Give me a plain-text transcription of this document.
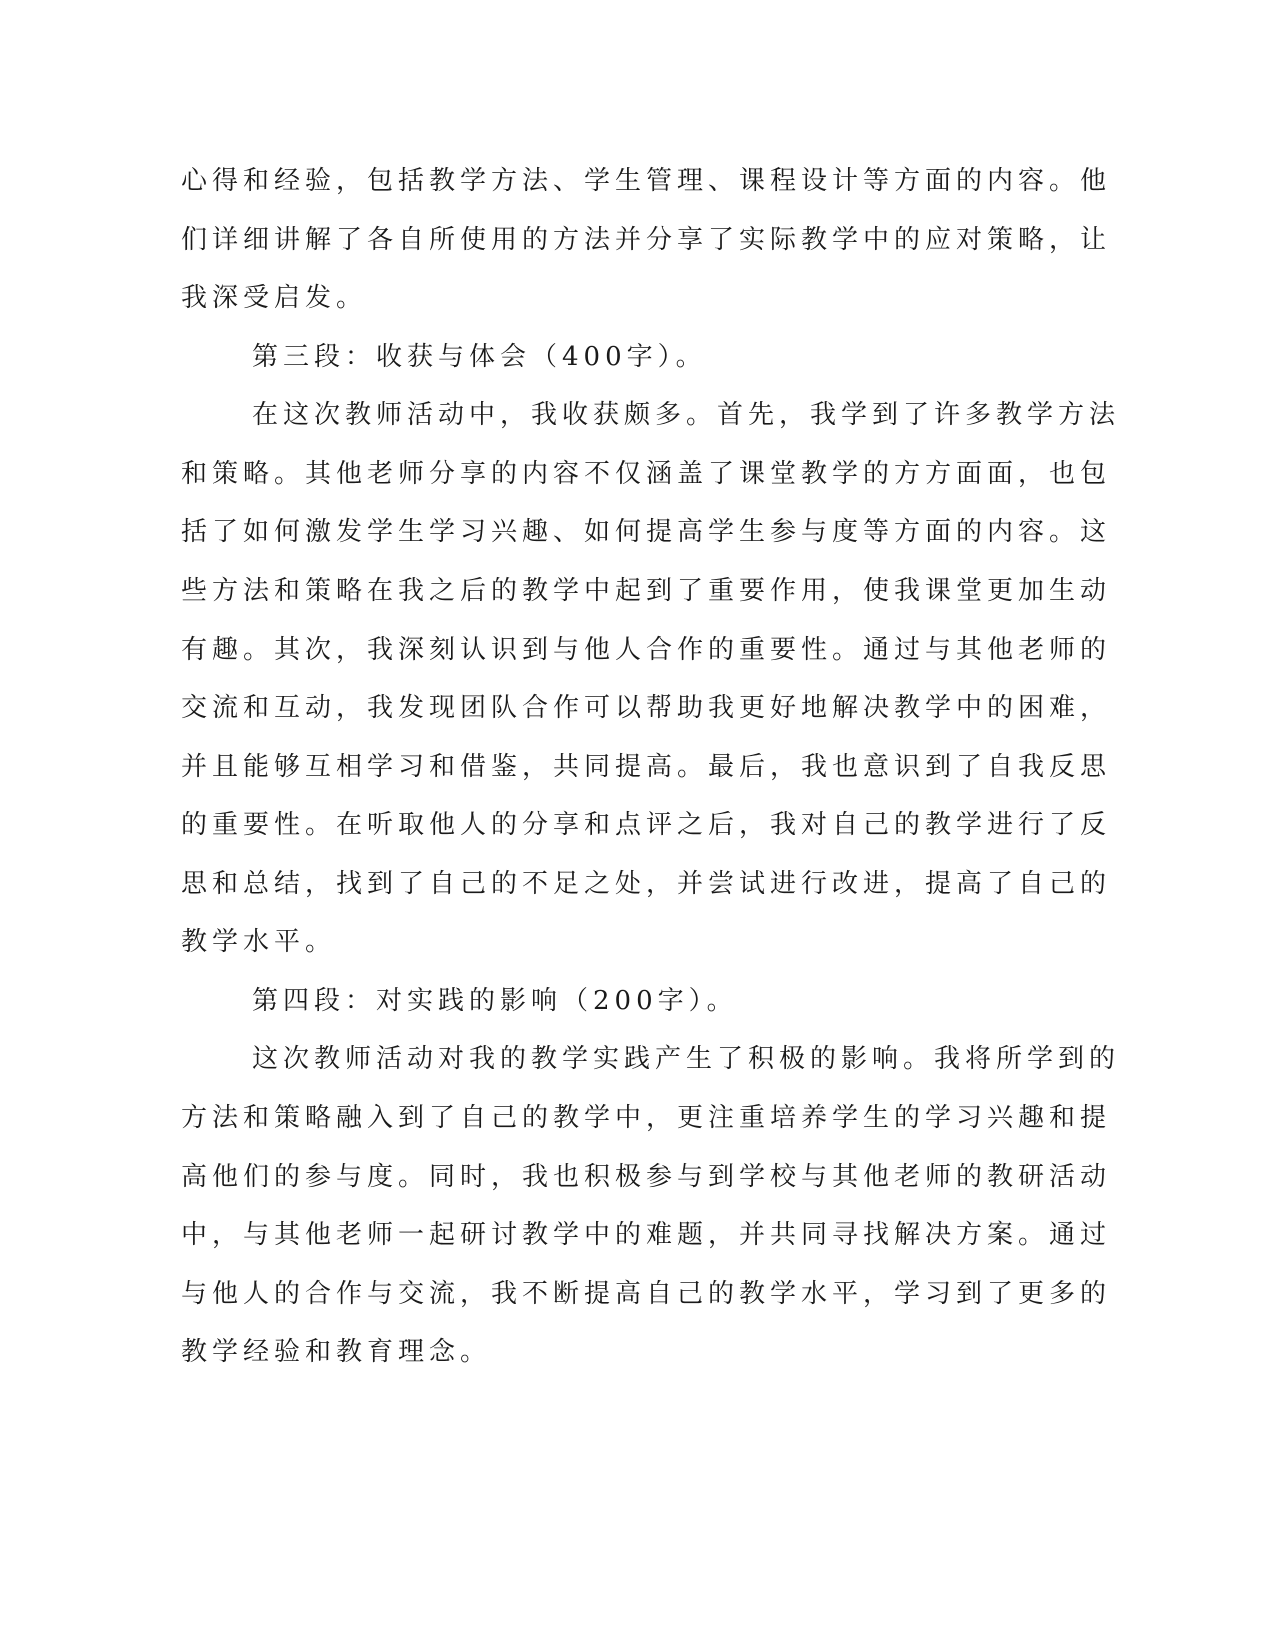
心得和经验，包括教学方法、学生管理、课程设计等方面的内容。他

们详细讲解了各自所使用的方法并分享了实际教学中的应对策略，让

我深受启发。

第三段：收获与体会（400字）。

在这次教师活动中，我收获颇多。首先，我学到了许多教学方法

和策略。其他老师分享的内容不仅涵盖了课堂教学的方方面面，也包

括了如何激发学生学习兴趣、如何提高学生参与度等方面的内容。这

些方法和策略在我之后的教学中起到了重要作用，使我课堂更加生动

有趣。其次，我深刻认识到与他人合作的重要性。通过与其他老师的

交流和互动，我发现团队合作可以帮助我更好地解决教学中的困难，

并且能够互相学习和借鉴，共同提高。最后，我也意识到了自我反思

的重要性。在听取他人的分享和点评之后，我对自己的教学进行了反

思和总结，找到了自己的不足之处，并尝试进行改进，提高了自己的

教学水平。

第四段：对实践的影响（200字）。

这次教师活动对我的教学实践产生了积极的影响。我将所学到的

方法和策略融入到了自己的教学中，更注重培养学生的学习兴趣和提

高他们的参与度。同时，我也积极参与到学校与其他老师的教研活动

中，与其他老师一起研讨教学中的难题，并共同寻找解决方案。通过

与他人的合作与交流，我不断提高自己的教学水平，学习到了更多的

教学经验和教育理念。
